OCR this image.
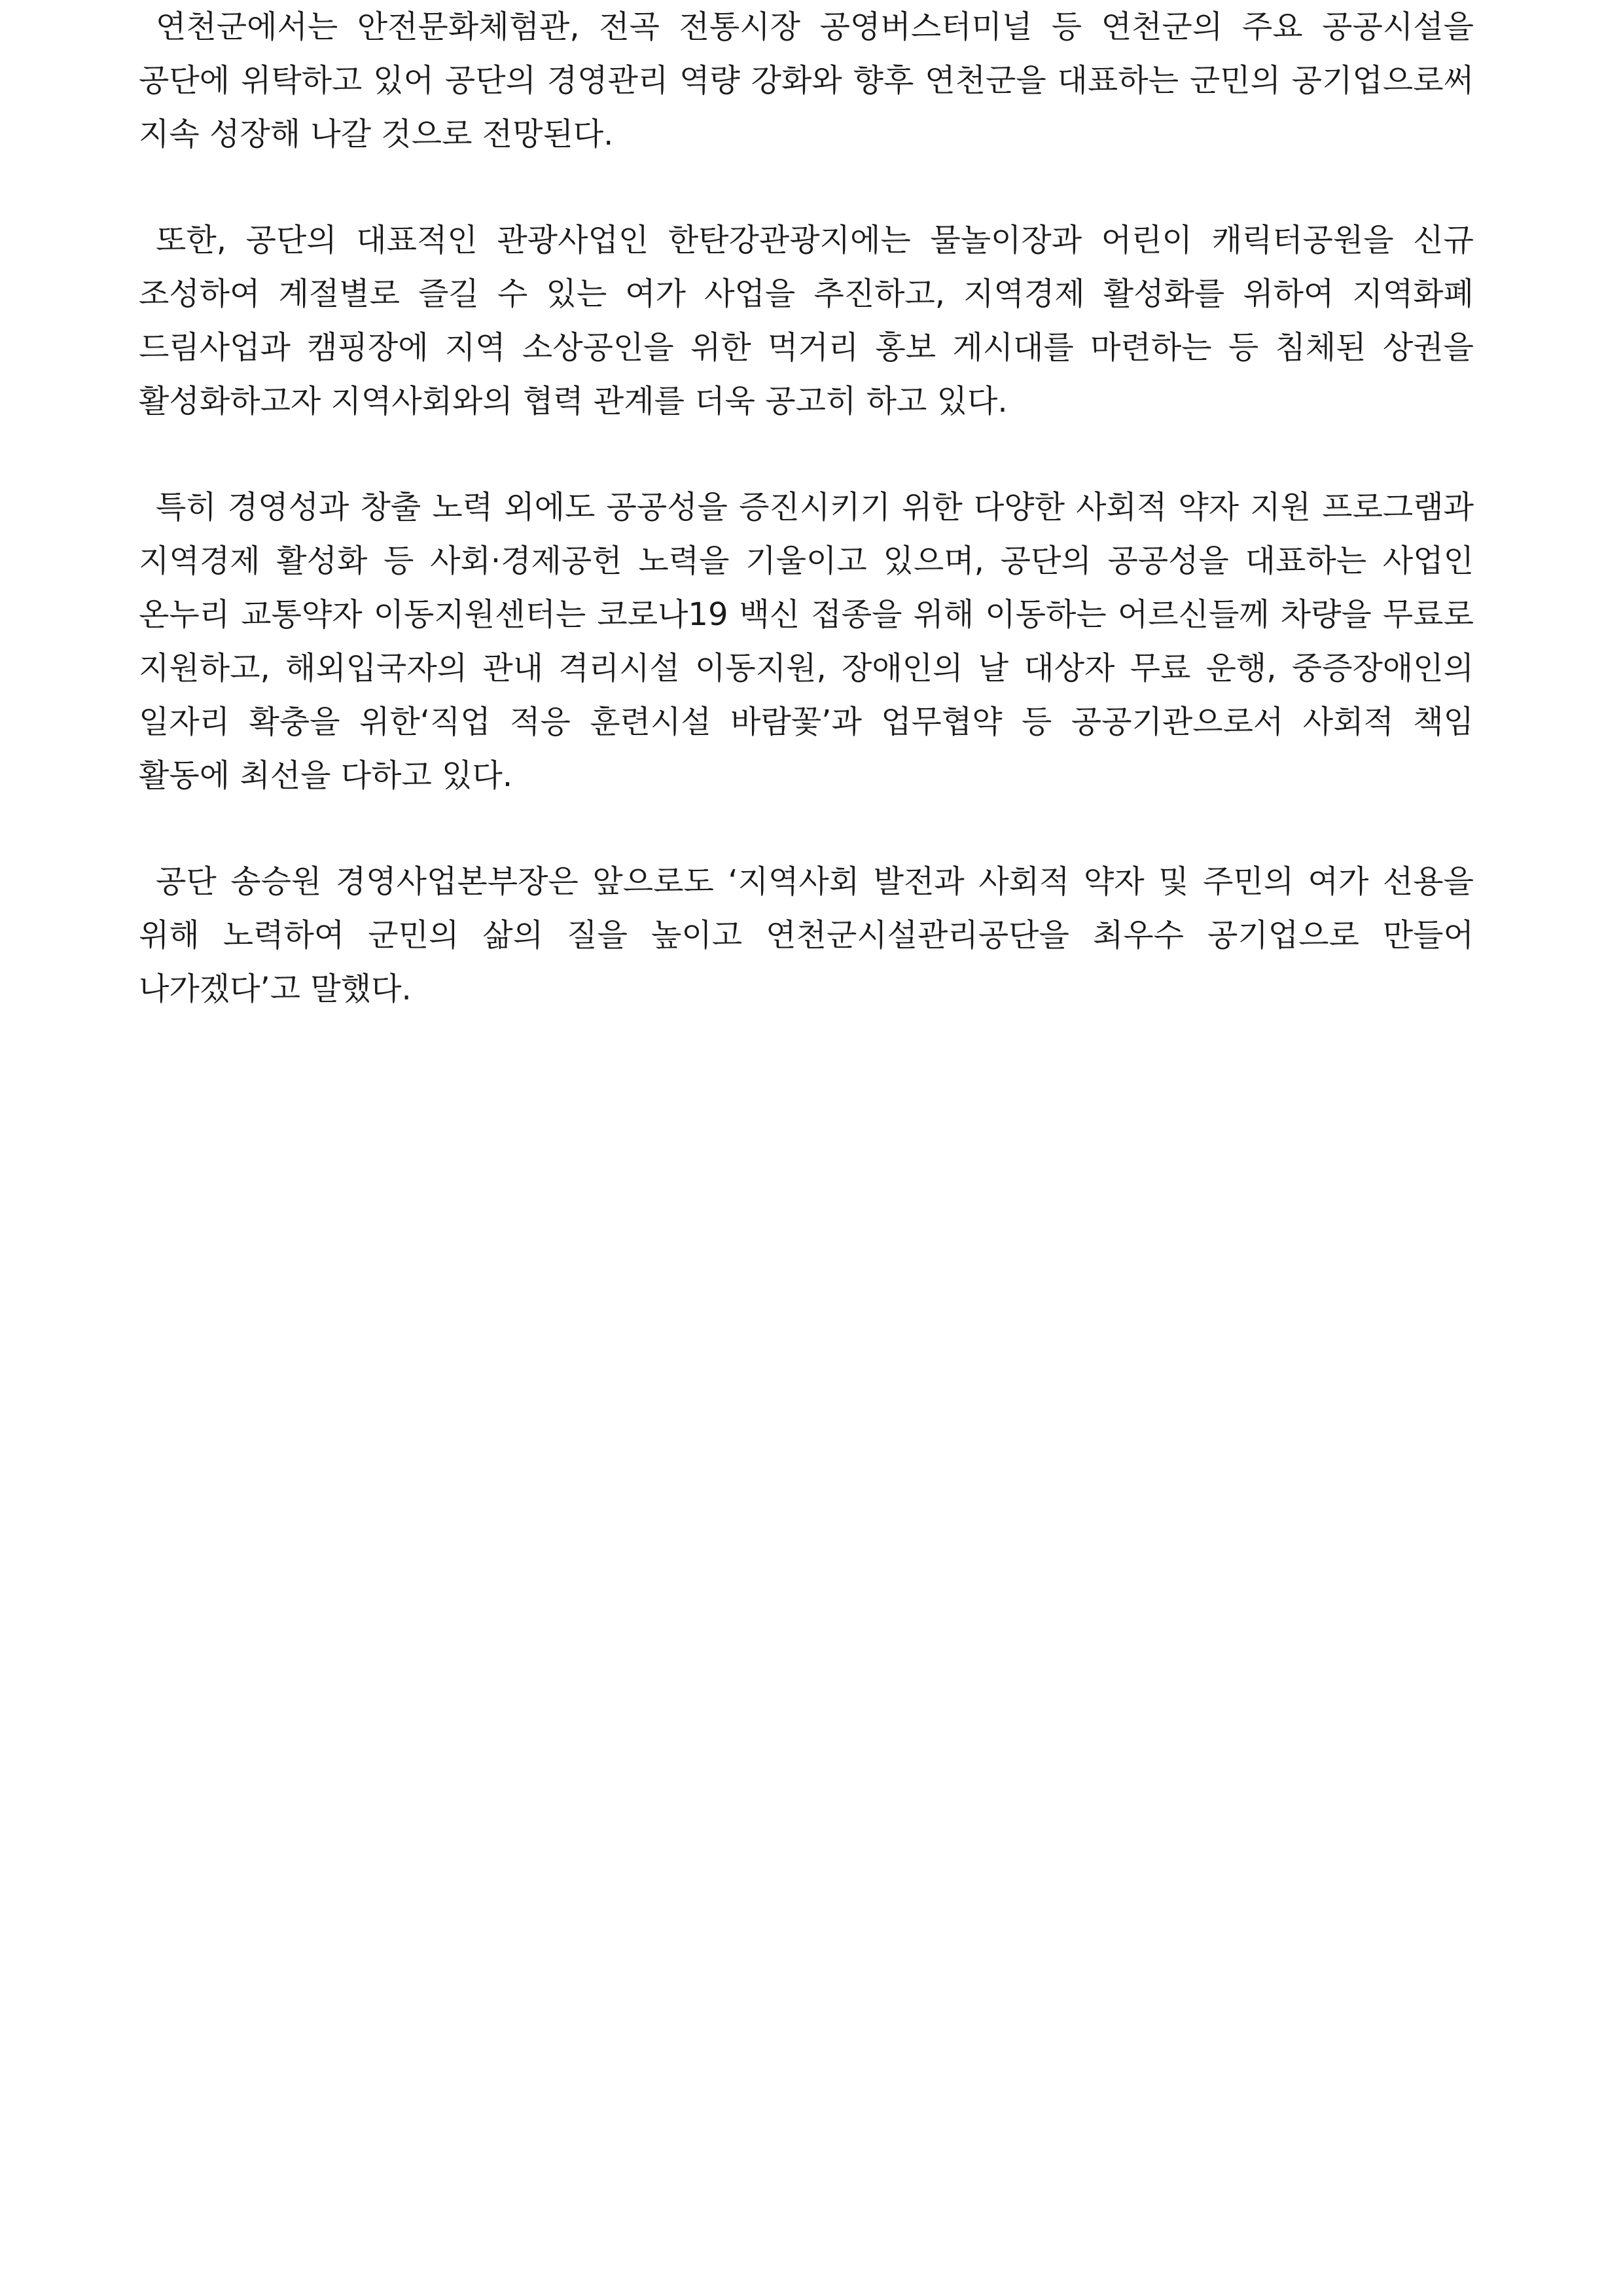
연천군에서는 안전문화체험관, 전곡 전통시장 공영버스터미널 등 연천군의 주요 공공시설을 공단에 위탁하고 있어 공단의 경영관리 역량 강화와 향후 연천군을 대표하는 군민의 공기업으로써 지속 성장해 나갈 것으로 전망된다.

또한, 공단의 대표적인 관광사업인 한탄강관광지에는 물놀이장과 어린이 캐릭터공원을 신규 조성하여 계절별로 즐길 수 있는 여가 사업을 추진하고, 지역경제 활성화를 위하여 지역화폐 드림사업과 캠핑장에 지역 소상공인을 위한 먹거리 홍보 게시대를 마련하는 등 침체된 상권을 활성화하고자 지역사회와의 협력 관계를 더욱 공고히 하고 있다.

특히 경영성과 창출 노력 외에도 공공성을 증진시키기 위한 다양한 사회적 약자 지원 프로그램과 지역경제 활성화 등 사회·경제공헌 노력을 기울이고 있으며, 공단의 공공성을 대표하는 사업인 온누리 교통약자 이동지원센터는 코로나19 백신 접종을 위해 이동하는 어르신들께 차량을 무료로 지원하고, 해외입국자의 관내 격리시설 이동지원, 장애인의 날 대상자 무료 운행, 중증장애인의 일자리 확충을 위한‘직업 적응 훈련시설 바람꽃’과 업무협약 등 공공기관으로서 사회적 책임 활동에 최선을 다하고 있다.

공단 송승원 경영사업본부장은 앞으로도 ‘지역사회 발전과 사회적 약자 및 주민의 여가 선용을 위해 노력하여 군민의 삶의 질을 높이고 연천군시설관리공단을 최우수 공기업으로 만들어 나가겠다’고 말했다.
